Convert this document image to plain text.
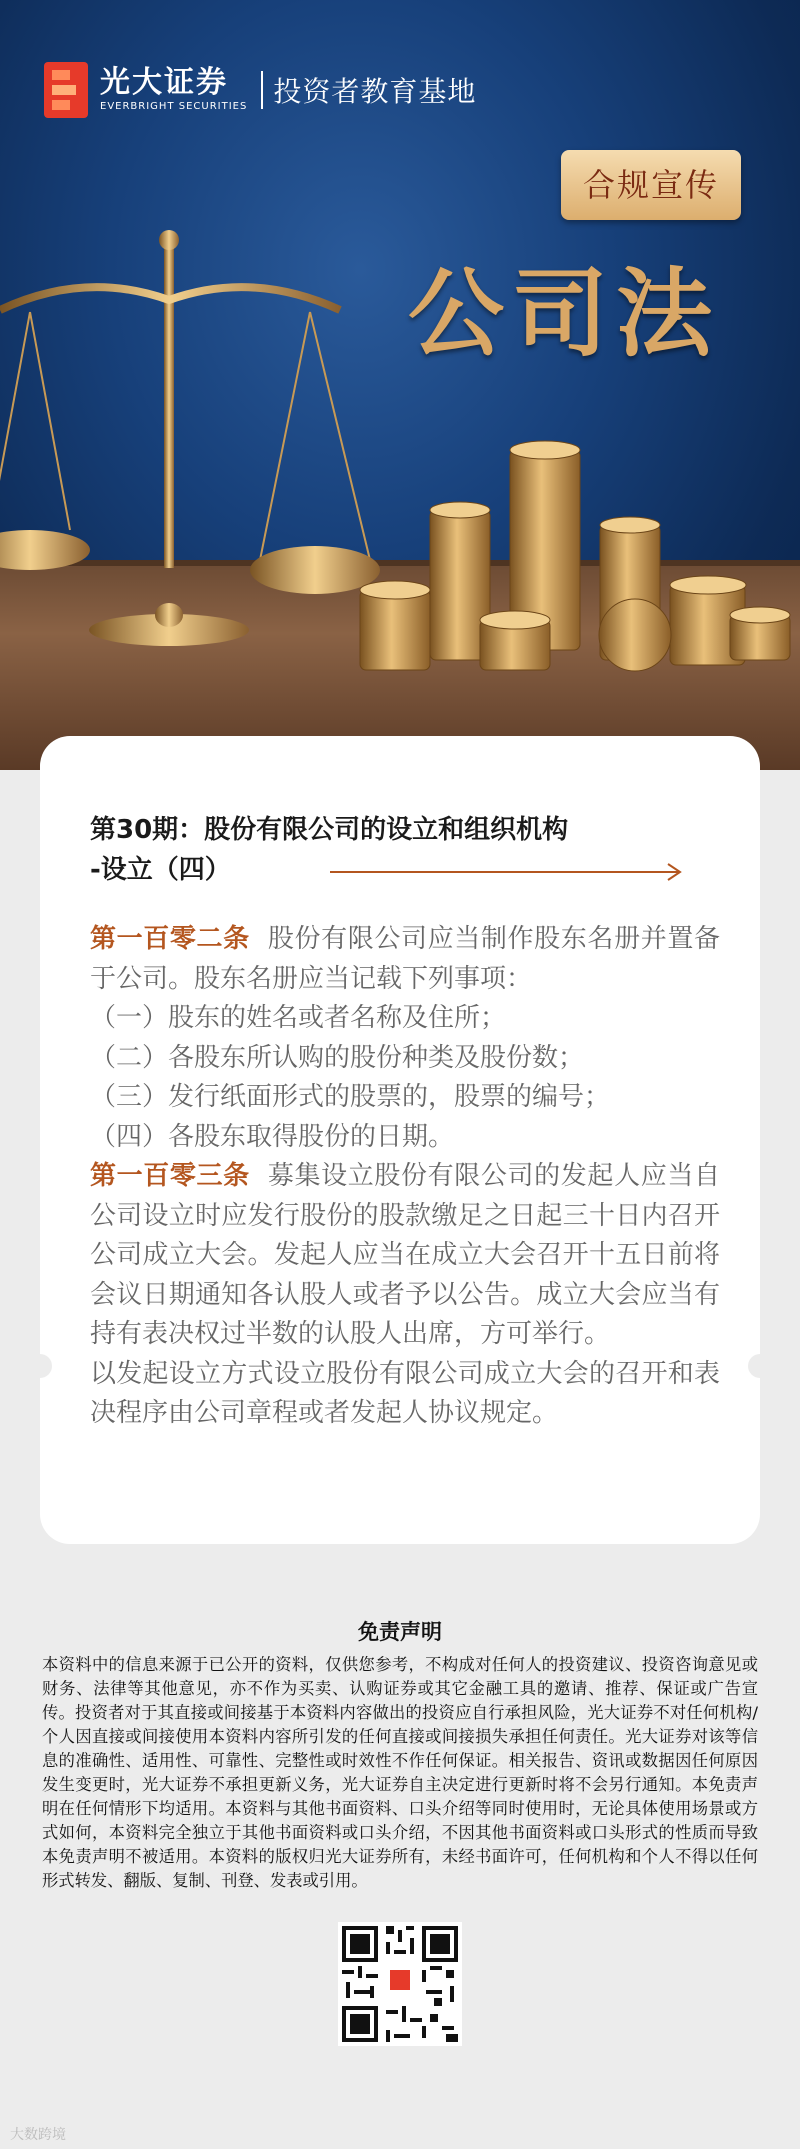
光大证券
EVERBRIGHT SECURITIES 投资者教育基地
合规宣传
公司法
第30期：股份有限公司的设立和组织机构
-设立（四）

第一百零二条 股份有限公司应当制作股东名册并置备于公司。股东名册应当记载下列事项：

（一）股东的姓名或者名称及住所；

（二）各股东所认购的股份种类及股份数；

（三）发行纸面形式的股票的，股票的编号；

（四）各股东取得股份的日期。

第一百零三条 募集设立股份有限公司的发起人应当自公司设立时应发行股份的股款缴足之日起三十日内召开公司成立大会。发起人应当在成立大会召开十五日前将会议日期通知各认股人或者予以公告。成立大会应当有持有表决权过半数的认股人出席，方可举行。

以发起设立方式设立股份有限公司成立大会的召开和表决程序由公司章程或者发起人协议规定。

免责声明
本资料中的信息来源于已公开的资料，仅供您参考，不构成对任何人的投资建议、投资咨询意见或财务、法律等其他意见，亦不作为买卖、认购证券或其它金融工具的邀请、推荐、保证或广告宣传。投资者对于其直接或间接基于本资料内容做出的投资应自行承担风险，光大证券不对任何机构/个人因直接或间接使用本资料内容所引发的任何直接或间接损失承担任何责任。光大证券对该等信息的准确性、适用性、可靠性、完整性或时效性不作任何保证。相关报告、资讯或数据因任何原因发生变更时，光大证券不承担更新义务，光大证券自主决定进行更新时将不会另行通知。本免责声明在任何情形下均适用。本资料与其他书面资料、口头介绍等同时使用时，无论具体使用场景或方式如何，本资料完全独立于其他书面资料或口头介绍，不因其他书面资料或口头形式的性质而导致本免责声明不被适用。本资料的版权归光大证券所有，未经书面许可，任何机构和个人不得以任何形式转发、翻版、复制、刊登、发表或引用。
大数跨境
